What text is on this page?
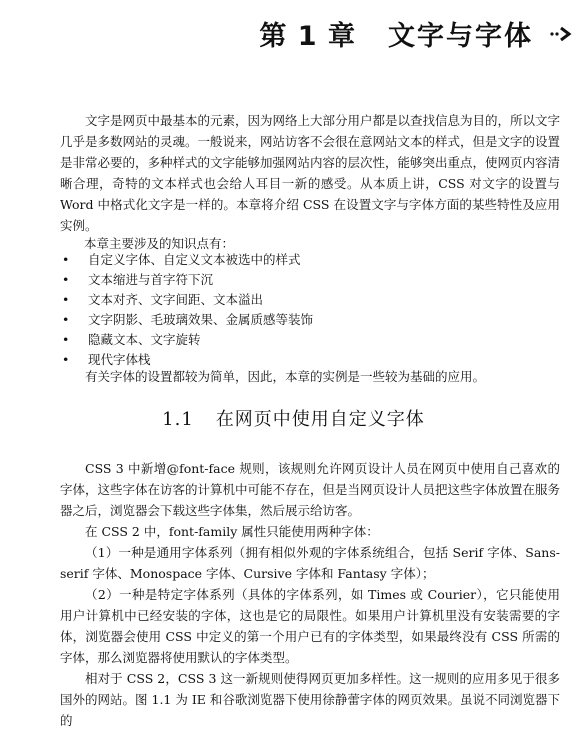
第 1 章 文字与字体
文字是网页中最基本的元素，因为网络上大部分用户都是以查找信息为目的，所以文字几乎是多数网站的灵魂。一般说来，网站访客不会很在意网站文本的样式，但是文字的设置是非常必要的，多种样式的文字能够加强网站内容的层次性，能够突出重点，使网页内容清晰合理，奇特的文本样式也会给人耳目一新的感受。从本质上讲，CSS 对文字的设置与 Word 中格式化文字是一样的。本章将介绍 CSS 在设置文字与字体方面的某些特性及应用实例。
本章主要涉及的知识点有：
• 自定义字体、自定义文本被选中的样式
• 文本缩进与首字符下沉
• 文本对齐、文字间距、文本溢出
• 文字阴影、毛玻璃效果、金属质感等装饰
• 隐藏文本、文字旋转
• 现代字体栈
有关字体的设置都较为简单，因此，本章的实例是一些较为基础的应用。
1.1 在网页中使用自定义字体

CSS 3 中新增@font-face 规则，该规则允许网页设计人员在网页中使用自己喜欢的字体，这些字体在访客的计算机中可能不存在，但是当网页设计人员把这些字体放置在服务器之后，浏览器会下载这些字体集，然后展示给访客。

在 CSS 2 中，font-family 属性只能使用两种字体：

（1）一种是通用字体系列（拥有相似外观的字体系统组合，包括 Serif 字体、Sans-serif 字体、Monospace 字体、Cursive 字体和 Fantasy 字体）；

（2）一种是特定字体系列（具体的字体系列，如 Times 或 Courier），它只能使用用户计算机中已经安装的字体，这也是它的局限性。如果用户计算机里没有安装需要的字体，浏览器会使用 CSS 中定义的第一个用户已有的字体类型，如果最终没有 CSS 所需的字体，那么浏览器将使用默认的字体类型。

相对于 CSS 2，CSS 3 这一新规则使得网页更加多样性。这一规则的应用多见于很多国外的网站。图 1.1 为 IE 和谷歌浏览器下使用徐静蕾字体的网页效果。虽说不同浏览器下的
